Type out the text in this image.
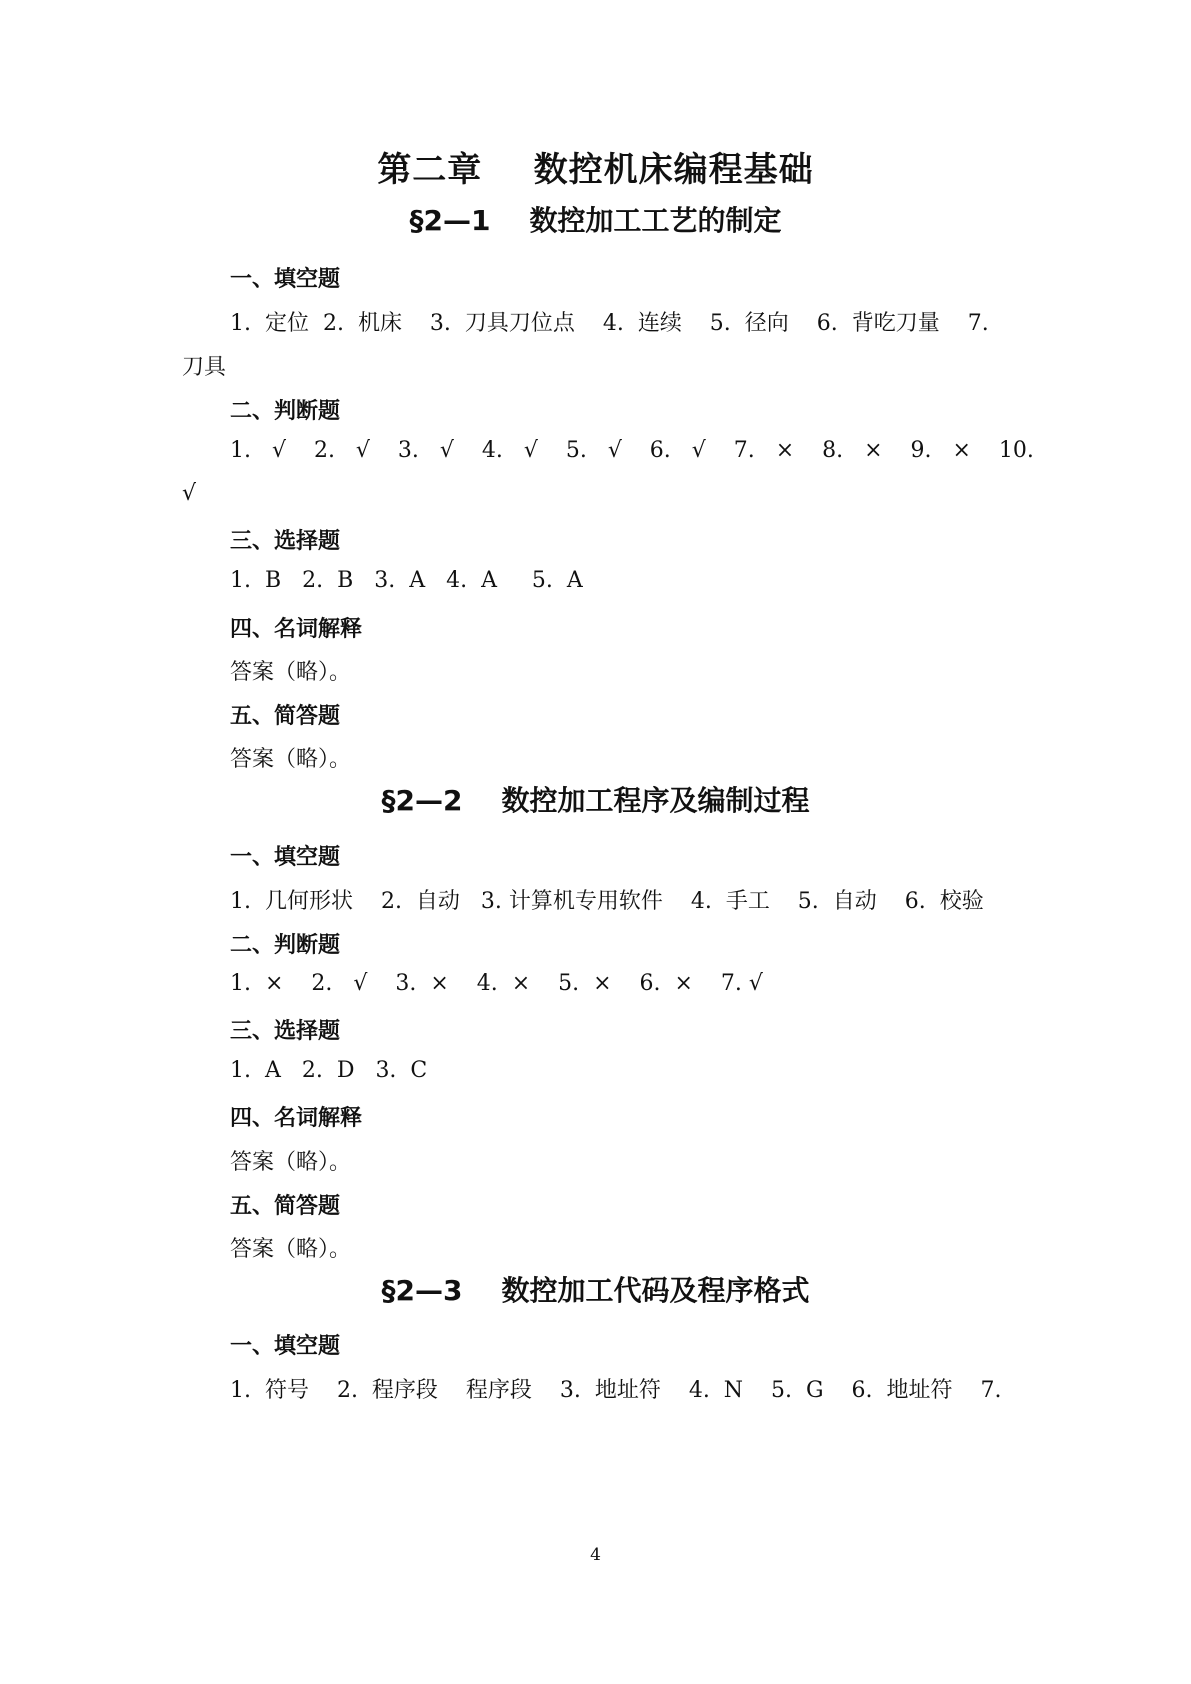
第二章    数控机床编程基础
§2—1    数控加工工艺的制定
一、填空题
1.  定位  2.  机床    3.  刀具刀位点    4.  连续    5.  径向    6.  背吃刀量    7.
刀具
二、判断题
1.   √    2.   √    3.   √    4.   √    5.   √    6.   √    7.   ×    8.   ×    9.   ×    10.
√
三、选择题
1.  B   2.  B   3.  A   4.  A     5.  A
四、名词解释
答案（略）。
五、简答题
答案（略）。
§2—2    数控加工程序及编制过程
一、填空题
1.  几何形状    2.  自动   3. 计算机专用软件    4.  手工    5.  自动    6.  校验
二、判断题
1.  ×    2.   √    3.  ×    4.  ×    5.  ×    6.  ×    7. √
三、选择题
1.  A   2.  D   3.  C
四、名词解释
答案（略）。
五、简答题
答案（略）。
§2—3    数控加工代码及程序格式
一、填空题
1.  符号    2.  程序段    程序段    3.  地址符    4.  N    5.  G    6.  地址符    7.
4
